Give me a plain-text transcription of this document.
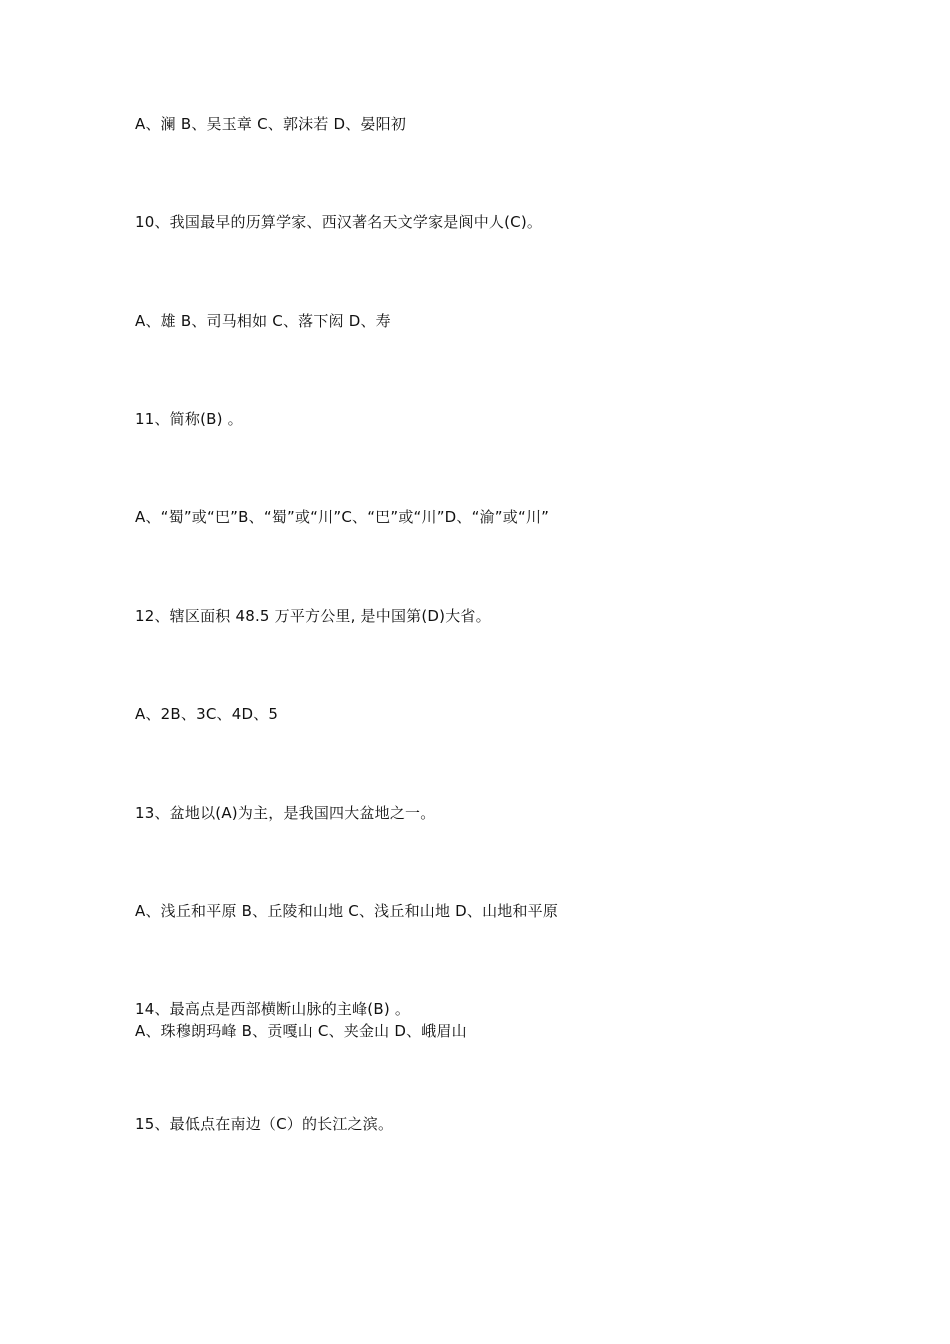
A、澜 B、吴玉章 C、郭沫若 D、晏阳初
10、我国最早的历算学家、西汉著名天文学家是阆中人(C)。
A、雄 B、司马相如 C、落下闳 D、寿
11、简称(B) 。
A、“蜀”或“巴”B、“蜀”或“川”C、“巴”或“川”D、“渝”或“川”
12、辖区面积 48.5 万平方公里, 是中国第(D)大省。
A、2B、3C、4D、5
13、盆地以(A)为主，是我国四大盆地之一。
A、浅丘和平原 B、丘陵和山地 C、浅丘和山地 D、山地和平原
14、最高点是西部横断山脉的主峰(B) 。
A、珠穆朗玛峰 B、贡嘎山 C、夹金山 D、峨眉山
15、最低点在南边（C）的长江之滨。
